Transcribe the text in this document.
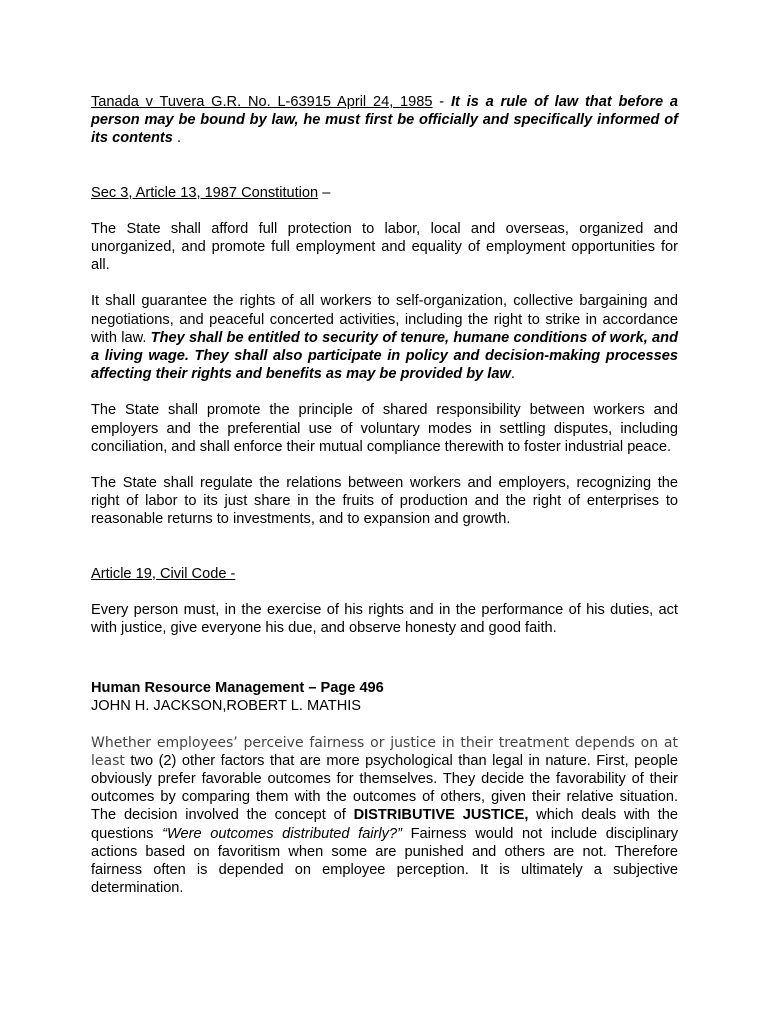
Tanada v Tuvera G.R. No. L-63915 April 24, 1985 - It is a rule of law that before a person may be bound by law, he must first be officially and specifically informed of its contents .

Sec 3, Article 13, 1987 Constitution –

The State shall afford full protection to labor, local and overseas, organized and unorganized, and promote full employment and equality of employment opportunities for all.

It shall guarantee the rights of all workers to self-organization, collective bargaining and negotiations, and peaceful concerted activities, including the right to strike in accordance with law. They shall be entitled to security of tenure, humane conditions of work, and a living wage. They shall also participate in policy and decision-making processes affecting their rights and benefits as may be provided by law.

The State shall promote the principle of shared responsibility between workers and employers and the preferential use of voluntary modes in settling disputes, including conciliation, and shall enforce their mutual compliance therewith to foster industrial peace.

The State shall regulate the relations between workers and employers, recognizing the right of labor to its just share in the fruits of production and the right of enterprises to reasonable returns to investments, and to expansion and growth.

Article 19, Civil Code -

Every person must, in the exercise of his rights and in the performance of his duties, act with justice, give everyone his due, and observe honesty and good faith.

Human Resource Management – Page 496

JOHN H. JACKSON,ROBERT L. MATHIS

Whether employees’ perceive fairness or justice in their treatment depends on at least two (2) other factors that are more psychological than legal in nature. First, people obviously prefer favorable outcomes for themselves. They decide the favorability of their outcomes by comparing them with the outcomes of others, given their relative situation. The decision involved the concept of DISTRIBUTIVE JUSTICE, which deals with the questions “Were outcomes distributed fairly?” Fairness would not include disciplinary actions based on favoritism when some are punished and others are not. Therefore fairness often is depended on employee perception. It is ultimately a subjective determination.
